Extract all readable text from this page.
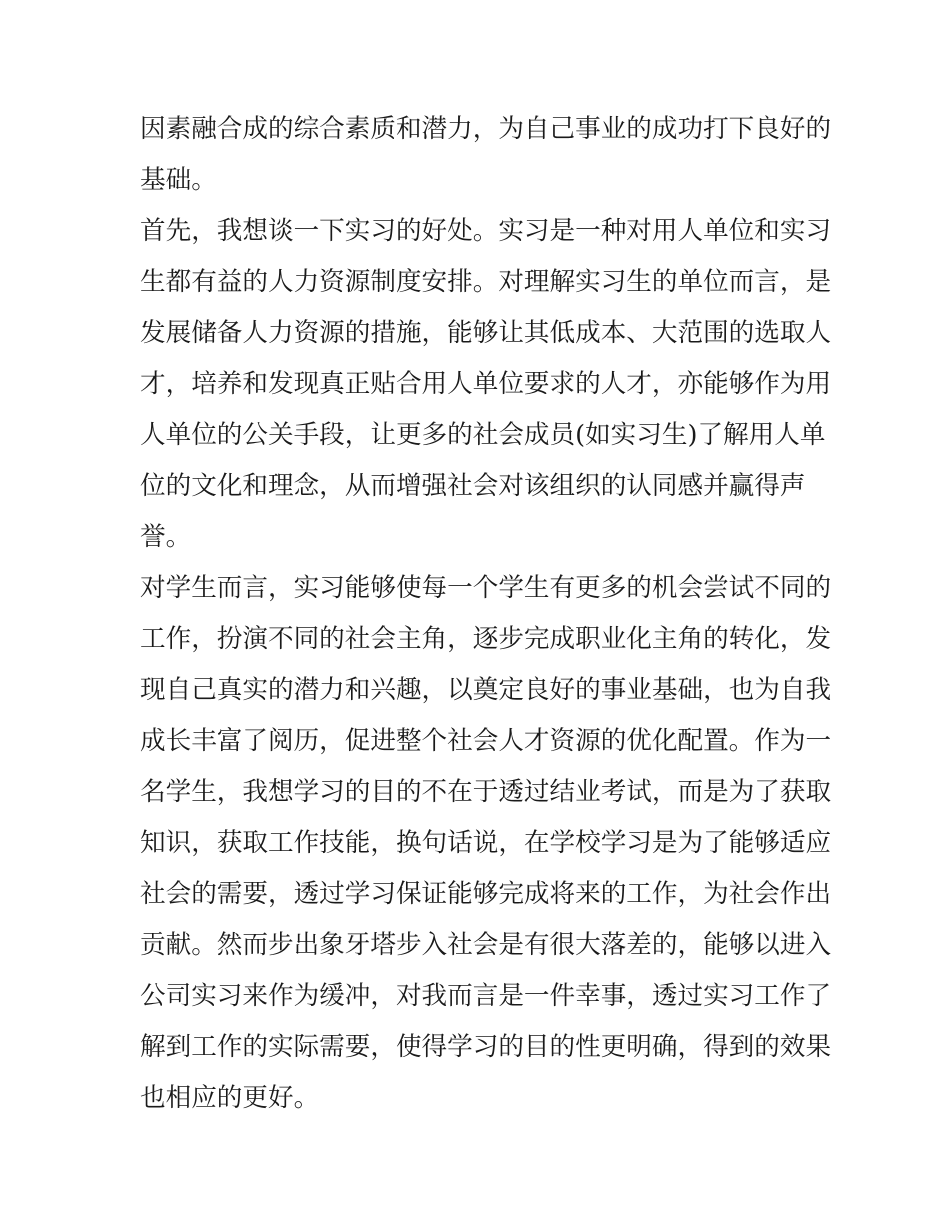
因素融合成的综合素质和潜力，为自己事业的成功打下良好的
基础。
首先，我想谈一下实习的好处。实习是一种对用人单位和实习
生都有益的人力资源制度安排。对理解实习生的单位而言，是
发展储备人力资源的措施，能够让其低成本、大范围的选取人
才，培养和发现真正贴合用人单位要求的人才，亦能够作为用
人单位的公关手段，让更多的社会成员(如实习生)了解用人单
位的文化和理念，从而增强社会对该组织的认同感并赢得声
誉。
对学生而言，实习能够使每一个学生有更多的机会尝试不同的
工作，扮演不同的社会主角，逐步完成职业化主角的转化，发
现自己真实的潜力和兴趣，以奠定良好的事业基础，也为自我
成长丰富了阅历，促进整个社会人才资源的优化配置。作为一
名学生，我想学习的目的不在于透过结业考试，而是为了获取
知识，获取工作技能，换句话说，在学校学习是为了能够适应
社会的需要，透过学习保证能够完成将来的工作，为社会作出
贡献。然而步出象牙塔步入社会是有很大落差的，能够以进入
公司实习来作为缓冲，对我而言是一件幸事，透过实习工作了
解到工作的实际需要，使得学习的目的性更明确，得到的效果
也相应的更好。
